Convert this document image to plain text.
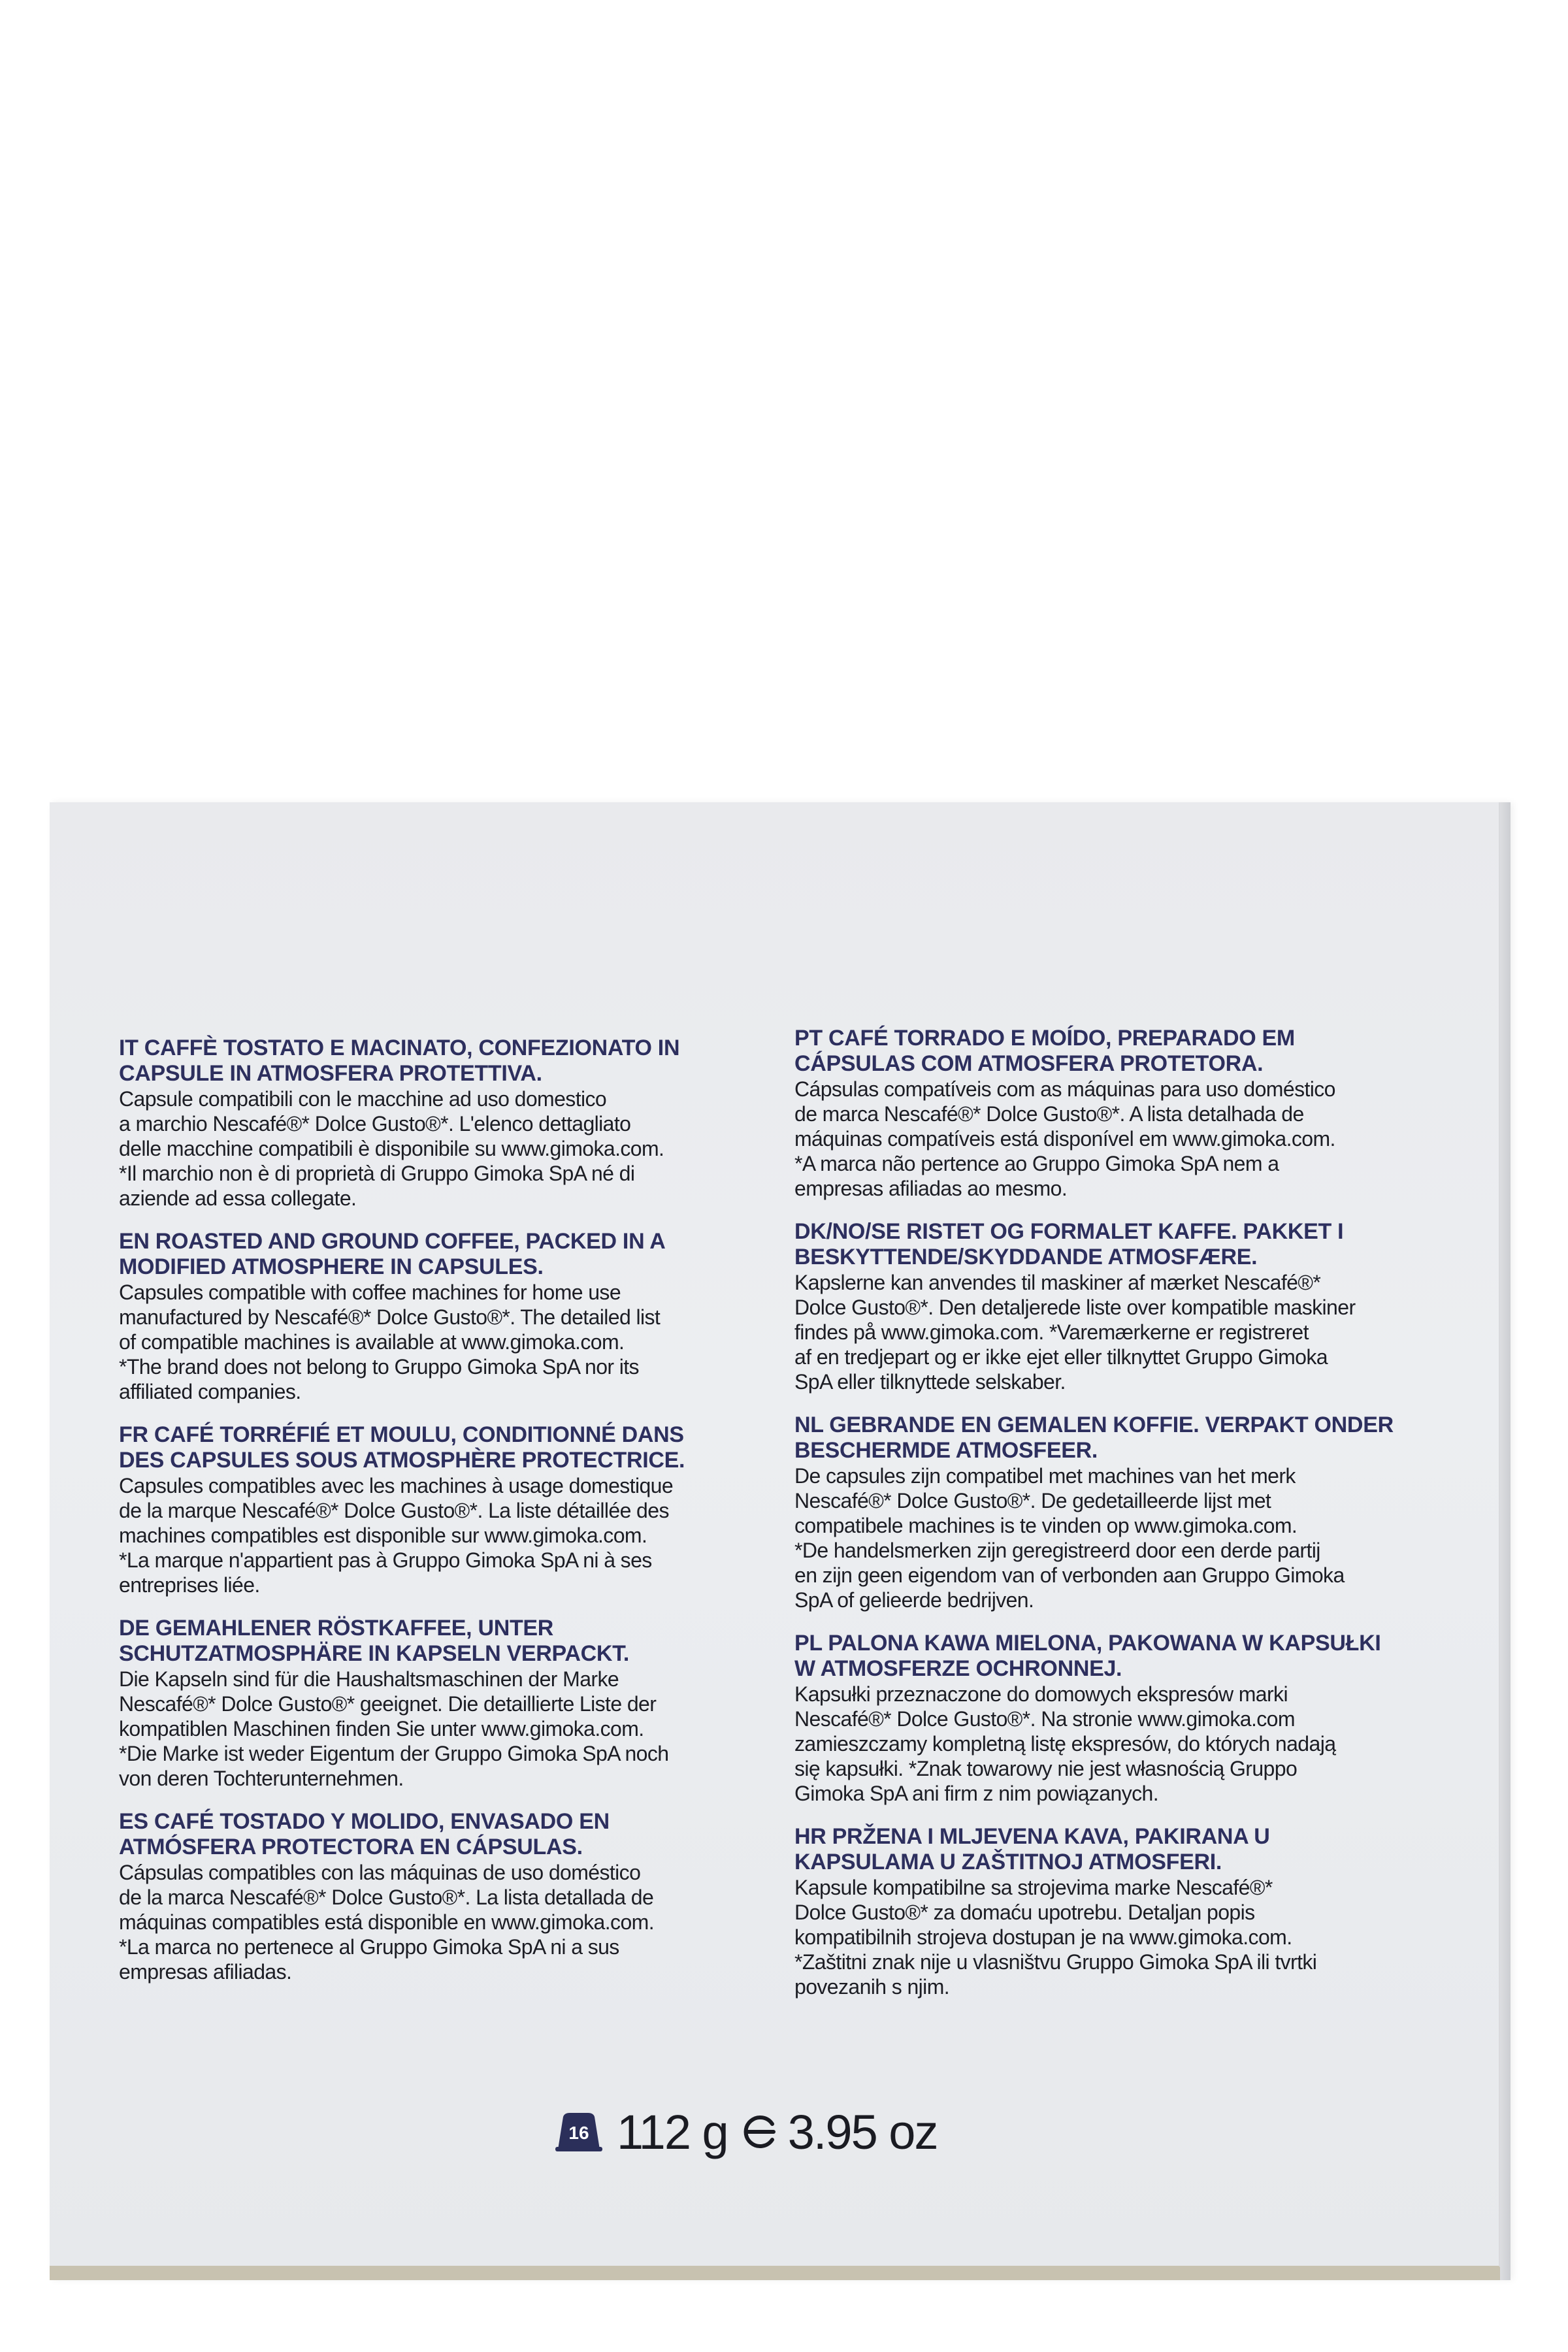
IT CAFFÈ TOSTATO E MACINATO, CONFEZIONATO IN
CAPSULE IN ATMOSFERA PROTETTIVA.
Capsule compatibili con le macchine ad uso domestico
a marchio Nescafé®* Dolce Gusto®*. L'elenco dettagliato
delle macchine compatibili è disponibile su www.gimoka.com.
*Il marchio non è di proprietà di Gruppo Gimoka SpA né di
aziende ad essa collegate.
EN ROASTED AND GROUND COFFEE, PACKED IN A
MODIFIED ATMOSPHERE IN CAPSULES.
Capsules compatible with coffee machines for home use
manufactured by Nescafé®* Dolce Gusto®*. The detailed list
of compatible machines is available at www.gimoka.com.
*The brand does not belong to Gruppo Gimoka SpA nor its
affiliated companies.
FR CAFÉ TORRÉFIÉ ET MOULU, CONDITIONNÉ DANS
DES CAPSULES SOUS ATMOSPHÈRE PROTECTRICE.
Capsules compatibles avec les machines à usage domestique
de la marque Nescafé®* Dolce Gusto®*. La liste détaillée des
machines compatibles est disponible sur www.gimoka.com.
*La marque n'appartient pas à Gruppo Gimoka SpA ni à ses
entreprises liée.
DE GEMAHLENER RÖSTKAFFEE, UNTER
SCHUTZATMOSPHÄRE IN KAPSELN VERPACKT.
Die Kapseln sind für die Haushaltsmaschinen der Marke
Nescafé®* Dolce Gusto®* geeignet. Die detaillierte Liste der
kompatiblen Maschinen finden Sie unter www.gimoka.com.
*Die Marke ist weder Eigentum der Gruppo Gimoka SpA noch
von deren Tochterunternehmen.
ES CAFÉ TOSTADO Y MOLIDO, ENVASADO EN
ATMÓSFERA PROTECTORA EN CÁPSULAS.
Cápsulas compatibles con las máquinas de uso doméstico
de la marca Nescafé®* Dolce Gusto®*. La lista detallada de
máquinas compatibles está disponible en www.gimoka.com.
*La marca no pertenece al Gruppo Gimoka SpA ni a sus
empresas afiliadas.
PT CAFÉ TORRADO E MOÍDO, PREPARADO EM
CÁPSULAS COM ATMOSFERA PROTETORA.
Cápsulas compatíveis com as máquinas para uso doméstico
de marca Nescafé®* Dolce Gusto®*. A lista detalhada de
máquinas compatíveis está disponível em www.gimoka.com.
*A marca não pertence ao Gruppo Gimoka SpA nem a
empresas afiliadas ao mesmo.
DK/NO/SE RISTET OG FORMALET KAFFE. PAKKET I
BESKYTTENDE/SKYDDANDE ATMOSFÆRE.
Kapslerne kan anvendes til maskiner af mærket Nescafé®*
Dolce Gusto®*. Den detaljerede liste over kompatible maskiner
findes på www.gimoka.com. *Varemærkerne er registreret
af en tredjepart og er ikke ejet eller tilknyttet Gruppo Gimoka
SpA eller tilknyttede selskaber.
NL GEBRANDE EN GEMALEN KOFFIE. VERPAKT ONDER
BESCHERMDE ATMOSFEER.
De capsules zijn compatibel met machines van het merk
Nescafé®* Dolce Gusto®*. De gedetailleerde lijst met
compatibele machines is te vinden op www.gimoka.com.
*De handelsmerken zijn geregistreerd door een derde partij
en zijn geen eigendom van of verbonden aan Gruppo Gimoka
SpA of gelieerde bedrijven.
PL PALONA KAWA MIELONA, PAKOWANA W KAPSUŁKI
W ATMOSFERZE OCHRONNEJ.
Kapsułki przeznaczone do domowych ekspresów marki
Nescafé®* Dolce Gusto®*. Na stronie www.gimoka.com
zamieszczamy kompletną listę ekspresów, do których nadają
się kapsułki. *Znak towarowy nie jest własnością Gruppo
Gimoka SpA ani firm z nim powiązanych.
HR PRŽENA I MLJEVENA KAVA, PAKIRANA U
KAPSULAMA U ZAŠTITNOJ ATMOSFERI.
Kapsule kompatibilne sa strojevima marke Nescafé®*
Dolce Gusto®* za domaću upotrebu. Detaljan popis
kompatibilnih strojeva dostupan je na www.gimoka.com.
*Zaštitni znak nije u vlasništvu Gruppo Gimoka SpA ili tvrtki
povezanih s njim.
16 112 g 3.95 oz
